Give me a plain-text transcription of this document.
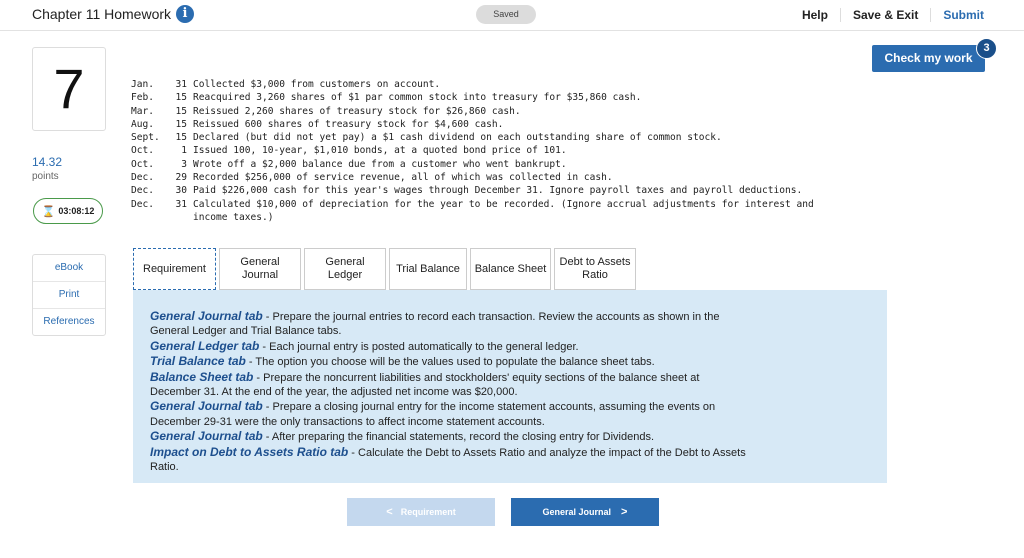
Chapter 11 Homework i	Saved	Help	Save & Exit	Submit
7
14.32
points
⌛ 03:08:12
eBook
Print
References
Check my work
3
Jan.	31 Collected $3,000 from customers on account.
Feb.	15 Reacquired 3,260 shares of $1 par common stock into treasury for $35,860 cash.
Mar.	15 Reissued 2,260 shares of treasury stock for $26,860 cash.
Aug.	15 Reissued 600 shares of treasury stock for $4,600 cash.
Sept.	15 Declared (but did not yet pay) a $1 cash dividend on each outstanding share of common stock.
Oct.	1 Issued 100, 10-year, $1,010 bonds, at a quoted bond price of 101.
Oct.	3 Wrote off a $2,000 balance due from a customer who went bankrupt.
Dec.	29 Recorded $256,000 of service revenue, all of which was collected in cash.
Dec.	30 Paid $226,000 cash for this year's wages through December 31. Ignore payroll taxes and payroll deductions.
Dec.	31 Calculated $10,000 of depreciation for the year to be recorded. (Ignore accrual adjustments for interest and
income taxes.)
Requirement
General
Journal
General
Ledger
Trial Balance Balance Sheet
Debt to Assets
Ratio
General Journal tab - Prepare the journal entries to record each transaction. Review the accounts as shown in the
General Ledger and Trial Balance tabs.
General Ledger tab - Each journal entry is posted automatically to the general ledger.
Trial Balance tab - The option you choose will be the values used to populate the balance sheet tabs.
Balance Sheet tab - Prepare the noncurrent liabilities and stockholders' equity sections of the balance sheet at
December 31. At the end of the year, the adjusted net income was $20,000.
General Journal tab - Prepare a closing journal entry for the income statement accounts, assuming the events on
December 29-31 were the only transactions to affect income statement accounts.
General Journal tab - After preparing the financial statements, record the closing entry for Dividends.
Impact on Debt to Assets Ratio tab - Calculate the Debt to Assets Ratio and analyze the impact of the Debt to Assets
Ratio.
< Requirement	General Journal >
